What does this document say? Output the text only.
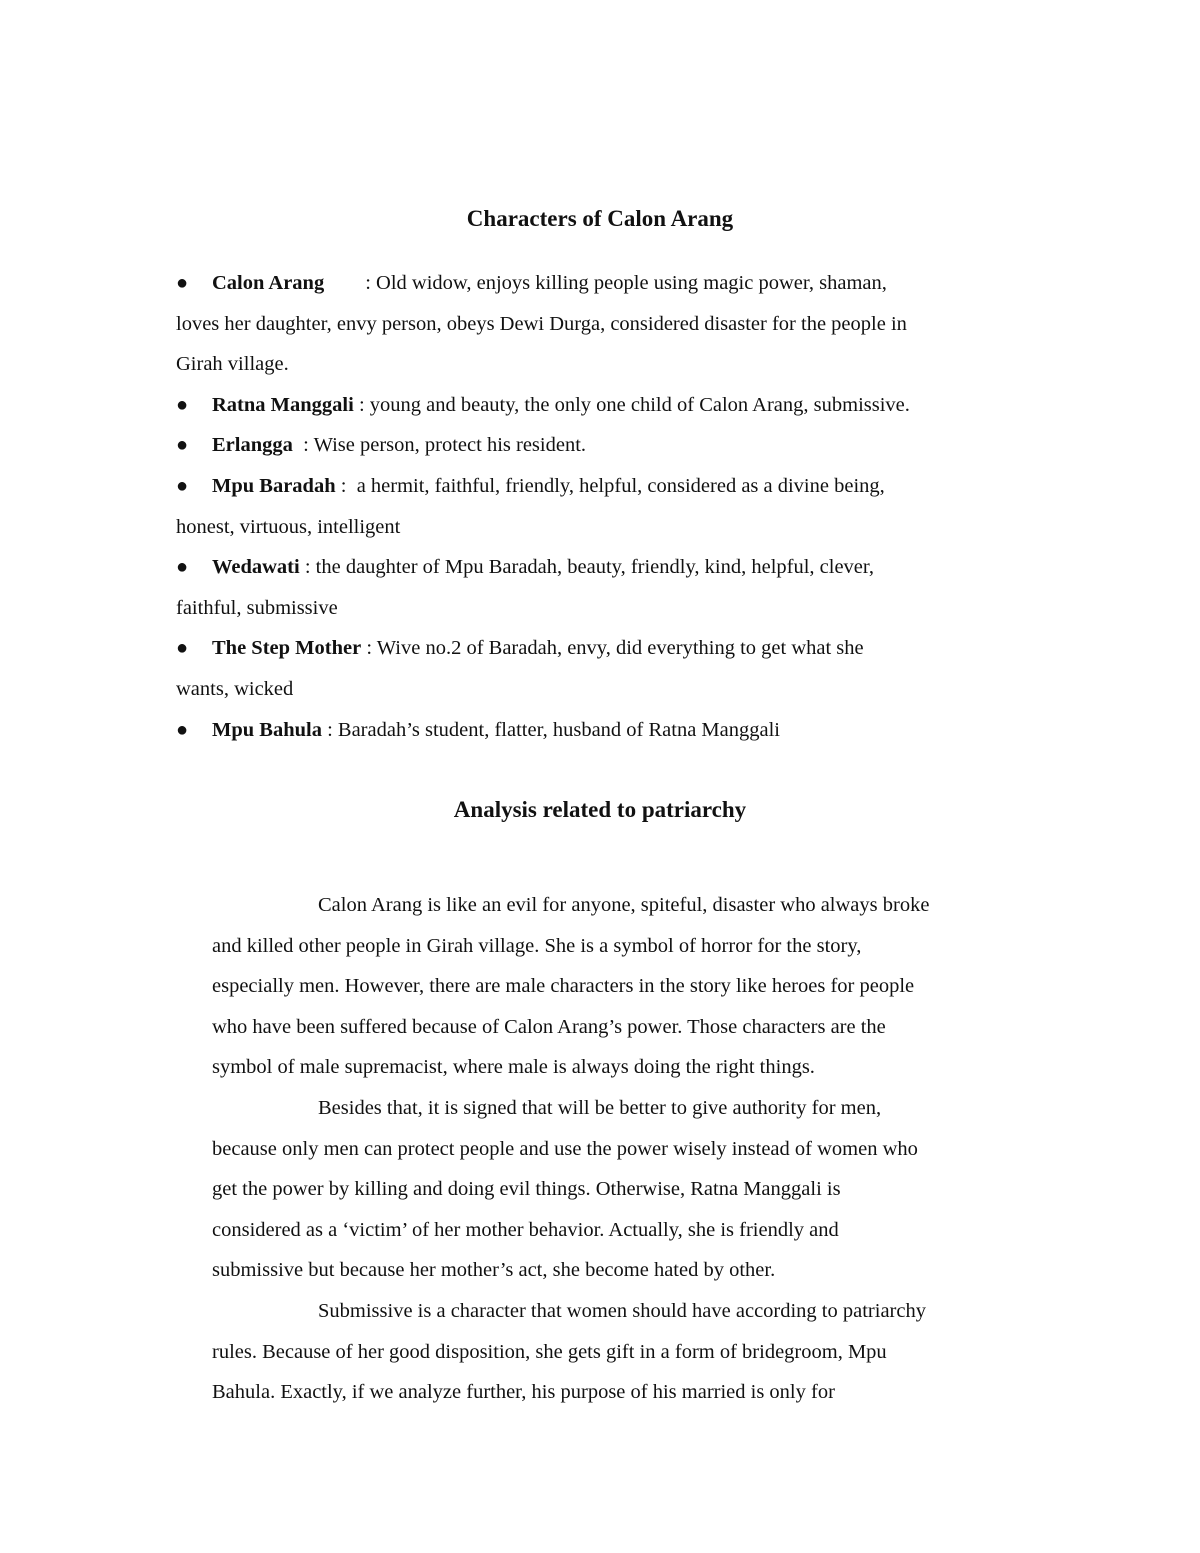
Characters of Calon Arang
● Calon Arang        : Old widow, enjoys killing people using magic power, shaman,
loves her daughter, envy person, obeys Dewi Durga, considered disaster for the people in
Girah village.
● Ratna Manggali : young and beauty, the only one child of Calon Arang, submissive.
● Erlangga  : Wise person, protect his resident.
● Mpu Baradah :  a hermit, faithful, friendly, helpful, considered as a divine being,
honest, virtuous, intelligent
● Wedawati : the daughter of Mpu Baradah, beauty, friendly, kind, helpful, clever,
faithful, submissive
● The Step Mother : Wive no.2 of Baradah, envy, did everything to get what she
wants, wicked
● Mpu Bahula : Baradah’s student, flatter, husband of Ratna Manggali
Analysis related to patriarchy

Calon Arang is like an evil for anyone, spiteful, disaster who always broke
and killed other people in Girah village. She is a symbol of horror for the story,
especially men. However, there are male characters in the story like heroes for people
who have been suffered because of Calon Arang’s power. Those characters are the
symbol of male supremacist, where male is always doing the right things.

Besides that, it is signed that will be better to give authority for men,
because only men can protect people and use the power wisely instead of women who
get the power by killing and doing evil things. Otherwise, Ratna Manggali is
considered as a ‘victim’ of her mother behavior. Actually, she is friendly and
submissive but because her mother’s act, she become hated by other.

Submissive is a character that women should have according to patriarchy
rules. Because of her good disposition, she gets gift in a form of bridegroom, Mpu
Bahula. Exactly, if we analyze further, his purpose of his married is only for
